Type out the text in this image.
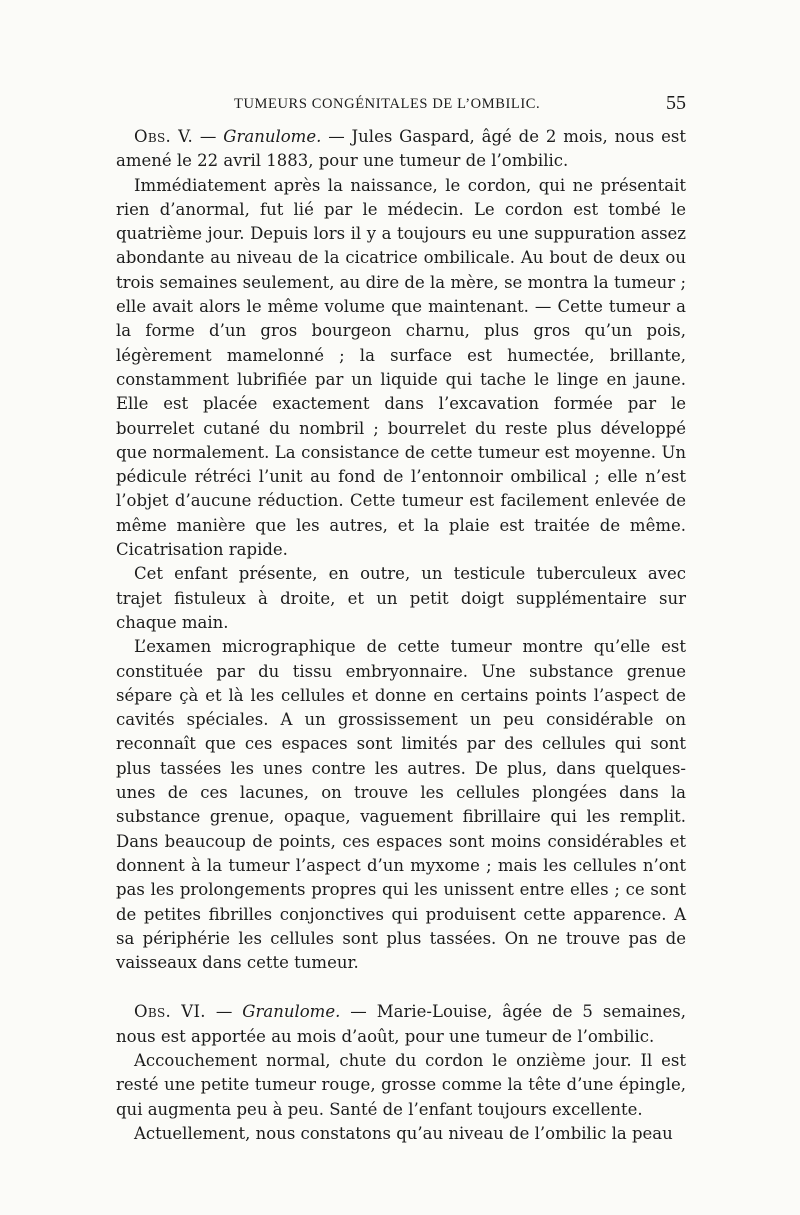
TUMEURS CONGÉNITALES DE L’OMBILIC.	55

Obs. V. — Granulome. — Jules Gaspard, âgé de 2 mois, nous est amené le 22 avril 1883, pour une tumeur de l’ombilic.

Immédiatement après la naissance, le cordon, qui ne présentait rien d’anormal, fut lié par le médecin. Le cordon est tombé le quatrième jour. Depuis lors il y a toujours eu une suppuration assez abondante au niveau de la cicatrice ombilicale. Au bout de deux ou trois semaines seulement, au dire de la mère, se montra la tumeur ; elle avait alors le même volume que maintenant. — Cette tumeur a la forme d’un gros bourgeon charnu, plus gros qu’un pois, légèrement mamelonné ; la surface est humectée, brillante, constamment lubrifiée par un liquide qui tache le linge en jaune. Elle est placée exactement dans l’excavation formée par le bourrelet cutané du nombril ; bourrelet du reste plus développé que normalement. La consistance de cette tumeur est moyenne. Un pédicule rétréci l’unit au fond de l’entonnoir ombilical ; elle n’est l’objet d’aucune réduction. Cette tumeur est facilement enlevée de même manière que les autres, et la plaie est traitée de même. Cicatrisation rapide.

Cet enfant présente, en outre, un testicule tuberculeux avec trajet fistuleux à droite, et un petit doigt supplémentaire sur chaque main.

L’examen micrographique de cette tumeur montre qu’elle est constituée par du tissu embryonnaire. Une substance grenue sépare çà et là les cellules et donne en certains points l’aspect de cavités spéciales. A un grossissement un peu considérable on reconnaît que ces espaces sont limités par des cellules qui sont plus tassées les unes contre les autres. De plus, dans quelques-unes de ces lacunes, on trouve les cellules plongées dans la substance grenue, opaque, vaguement fibrillaire qui les remplit. Dans beaucoup de points, ces espaces sont moins considérables et donnent à la tumeur l’aspect d’un myxome ; mais les cellules n’ont pas les prolongements propres qui les unissent entre elles ; ce sont de petites fibrilles conjonctives qui produisent cette apparence. A sa périphérie les cellules sont plus tassées. On ne trouve pas de vaisseaux dans cette tumeur.

Obs. VI. — Granulome. — Marie-Louise, âgée de 5 semaines, nous est apportée au mois d’août, pour une tumeur de l’ombilic.

Accouchement normal, chute du cordon le onzième jour. Il est resté une petite tumeur rouge, grosse comme la tête d’une épingle, qui augmenta peu à peu. Santé de l’enfant toujours excellente.

Actuellement, nous constatons qu’au niveau de l’ombilic la peau
